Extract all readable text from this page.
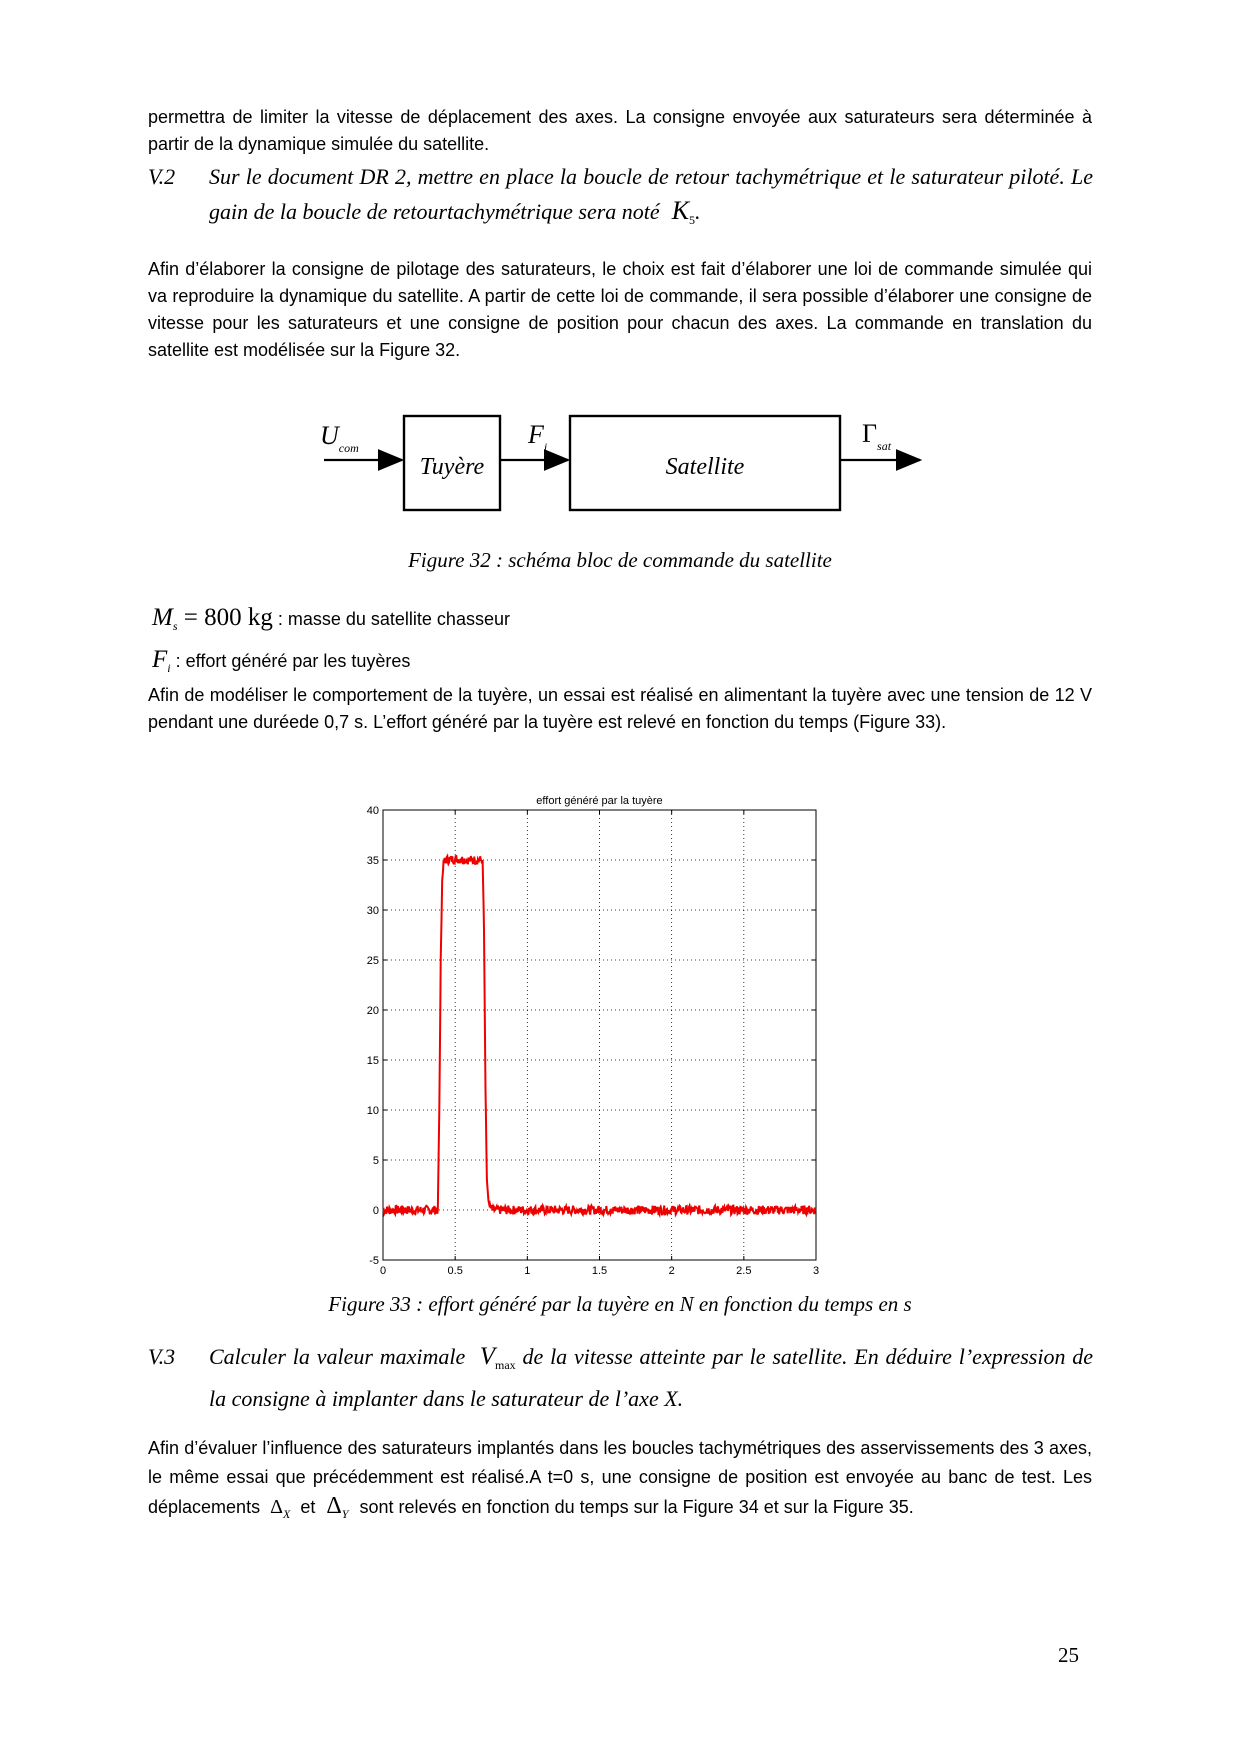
permettra de limiter la vitesse de déplacement des axes. La consigne envoyée aux saturateurs sera déterminée à partir de la dynamique simulée du satellite.

V.2 Sur le document DR 2, mettre en place la boucle de retour tachymétrique et le saturateur piloté. Le gain de la boucle de retourtachymétrique sera noté $K_5$.

Afin d’élaborer la consigne de pilotage des saturateurs, le choix est fait d’élaborer une loi de commande simulée qui va reproduire la dynamique du satellite. A partir de cette loi de commande, il sera possible d’élaborer une consigne de vitesse pour les saturateurs et une consigne de position pour chacun des axes. La commande en translation du satellite est modélisée sur la Figure 32.

$U_{com}$
Tuyère
$F_i$
Satellite
$\Gamma_{sat}$
Figure 32 : schéma bloc de commande du satellite
$M_s = 800$ kg : masse du satellite chasseur
$F_i$ : effort généré par les tuyères

Afin de modéliser le comportement de la tuyère, un essai est réalisé en alimentant la tuyère avec une tension de 12 V pendant une duréede 0,7 s. L’effort généré par la tuyère est relevé en fonction du temps (Figure 33).

effort généré par la tuyère
0	0.5	1	1.5	2	2.5	3
-5
0
5
10
15
20
25
30
35
40
Figure 33 : effort généré par la tuyère en N en fonction du temps en s
V.3 Calculer la valeur maximale $V_{max}$ de la vitesse atteinte par le satellite. En déduire l’expression de la consigne à implanter dans le saturateur de l’axe X.

Afin d’évaluer l’influence des saturateurs implantés dans les boucles tachymétriques des asservissements des 3 axes, le même essai que précédemment est réalisé.A t=0 s, une consigne de position est envoyée au banc de test. Les déplacements $\Delta_X$ et $\Delta_Y$ sont relevés en fonction du temps sur la Figure 34 et sur la Figure 35.

25
